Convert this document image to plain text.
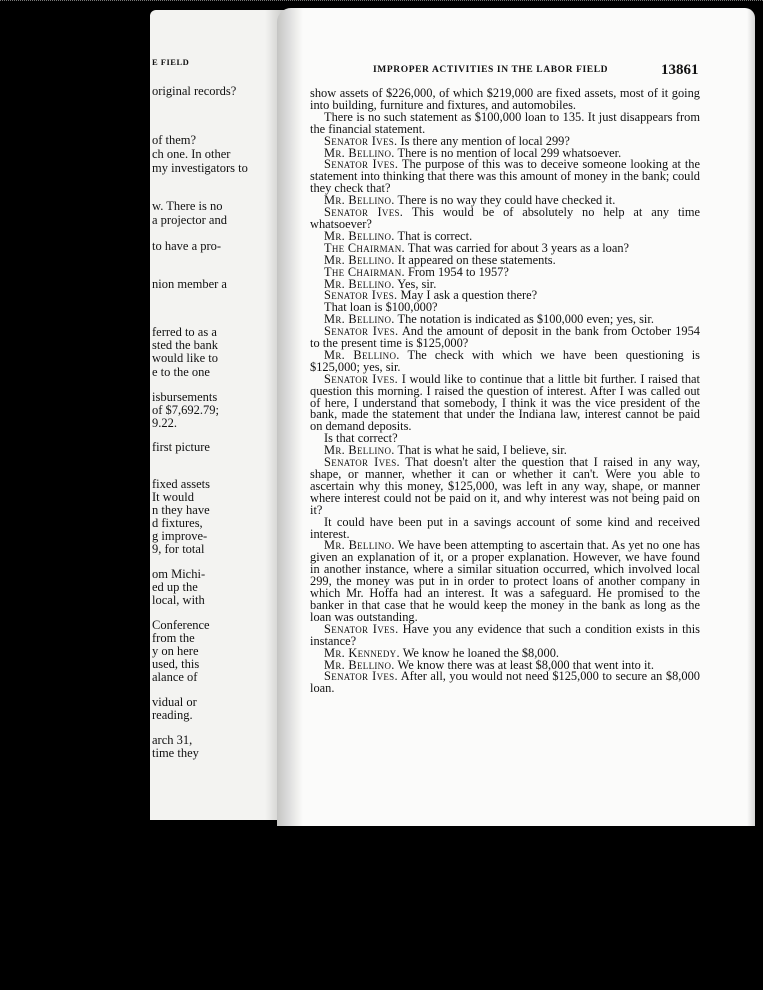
E FIELD
original records?
of them?
ch one. In other
my investigators to
w. There is no
a projector and
to have a pro-
nion member a
ferred to as a
sted the bank
would like to
e to the one
isbursements
of $7,692.79;
9.22.
first picture
fixed assets
It would
n they have
d fixtures,
g improve-
9, for total
om Michi-
ed up the
local, with
Conference
from the
y on here
used, this
alance of
vidual or
reading.
arch 31,
time they
IMPROPER ACTIVITIES IN THE LABOR FIELD	13861

show assets of $226,000, of which $219,000 are fixed assets, most of it going into building, furniture and fixtures, and automobiles.

There is no such statement as $100,000 loan to 135. It just disappears from the financial statement.

Senator Ives. Is there any mention of local 299?

Mr. Bellino. There is no mention of local 299 whatsoever.

Senator Ives. The purpose of this was to deceive someone looking at the statement into thinking that there was this amount of money in the bank; could they check that?

Mr. Bellino. There is no way they could have checked it.

Senator Ives. This would be of absolutely no help at any time whatsoever?

Mr. Bellino. That is correct.

The Chairman. That was carried for about 3 years as a loan?

Mr. Bellino. It appeared on these statements.

The Chairman. From 1954 to 1957?

Mr. Bellino. Yes, sir.

Senator Ives. May I ask a question there?

That loan is $100,000?

Mr. Bellino. The notation is indicated as $100,000 even; yes, sir.

Senator Ives. And the amount of deposit in the bank from October 1954 to the present time is $125,000?

Mr. Bellino. The check with which we have been questioning is $125,000; yes, sir.

Senator Ives. I would like to continue that a little bit further. I raised that question this morning. I raised the question of interest. After I was called out of here, I understand that somebody, I think it was the vice president of the bank, made the statement that under the Indiana law, interest cannot be paid on demand deposits.

Is that correct?

Mr. Bellino. That is what he said, I believe, sir.

Senator Ives. That doesn't alter the question that I raised in any way, shape, or manner, whether it can or whether it can't. Were you able to ascertain why this money, $125,000, was left in any way, shape, or manner where interest could not be paid on it, and why interest was not being paid on it?

It could have been put in a savings account of some kind and received interest.

Mr. Bellino. We have been attempting to ascertain that. As yet no one has given an explanation of it, or a proper explanation. However, we have found in another instance, where a similar situation occurred, which involved local 299, the money was put in in order to protect loans of another company in which Mr. Hoffa had an interest. It was a safeguard. He promised to the banker in that case that he would keep the money in the bank as long as the loan was outstanding.

Senator Ives. Have you any evidence that such a condition exists in this instance?

Mr. Kennedy. We know he loaned the $8,000.

Mr. Bellino. We know there was at least $8,000 that went into it.

Senator Ives. After all, you would not need $125,000 to secure an $8,000 loan.
